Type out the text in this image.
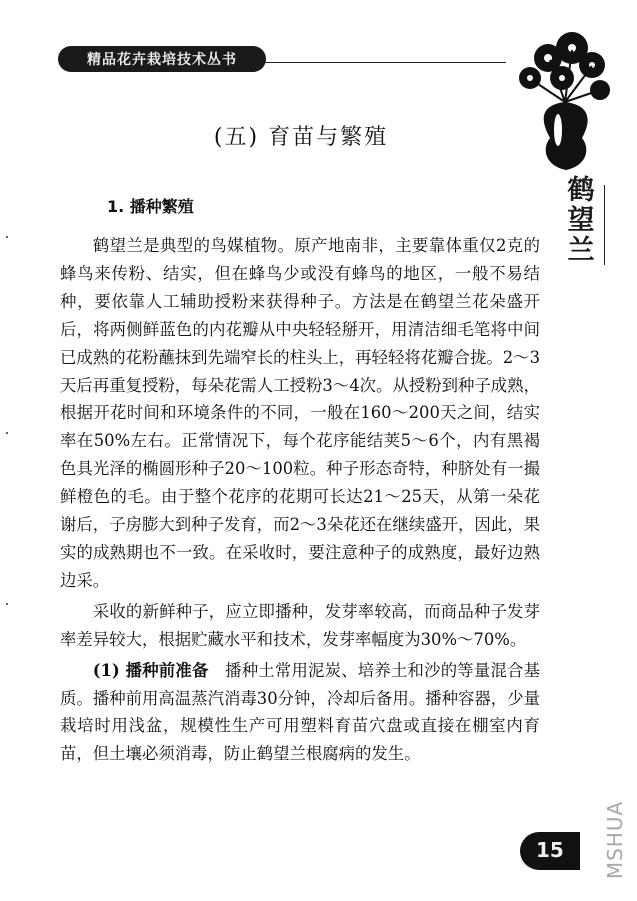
精品花卉栽培技术丛书
鹤
望
兰
(五) 育苗与繁殖
1. 播种繁殖

鹤望兰是典型的鸟媒植物。原产地南非，主要靠体重仅2克的蜂鸟来传粉、结实，但在蜂鸟少或没有蜂鸟的地区，一般不易结种，要依靠人工辅助授粉来获得种子。方法是在鹤望兰花朵盛开后，将两侧鲜蓝色的内花瓣从中央轻轻掰开，用清洁细毛笔将中间已成熟的花粉蘸抹到先端窄长的柱头上，再轻轻将花瓣合拢。2～3天后再重复授粉，每朵花需人工授粉3～4次。从授粉到种子成熟，根据开花时间和环境条件的不同，一般在160～200天之间，结实率在50%左右。正常情况下，每个花序能结荚5～6个，内有黑褐色具光泽的椭圆形种子20～100粒。种子形态奇特，种脐处有一撮鲜橙色的毛。由于整个花序的花期可长达21～25天，从第一朵花谢后，子房膨大到种子发育，而2～3朵花还在继续盛开，因此，果实的成熟期也不一致。在采收时，要注意种子的成熟度，最好边熟边采。

采收的新鲜种子，应立即播种，发芽率较高，而商品种子发芽率差异较大，根据贮藏水平和技术，发芽率幅度为30%～70%。

(1) 播种前准备　 播种土常用泥炭、培养土和沙的等量混合基质。播种前用高温蒸汽消毒30分钟，冷却后备用。播种容器，少量栽培时用浅盆，规模性生产可用塑料育苗穴盘或直接在棚室内育苗，但土壤必须消毒，防止鹤望兰根腐病的发生。

15 MSHUA
